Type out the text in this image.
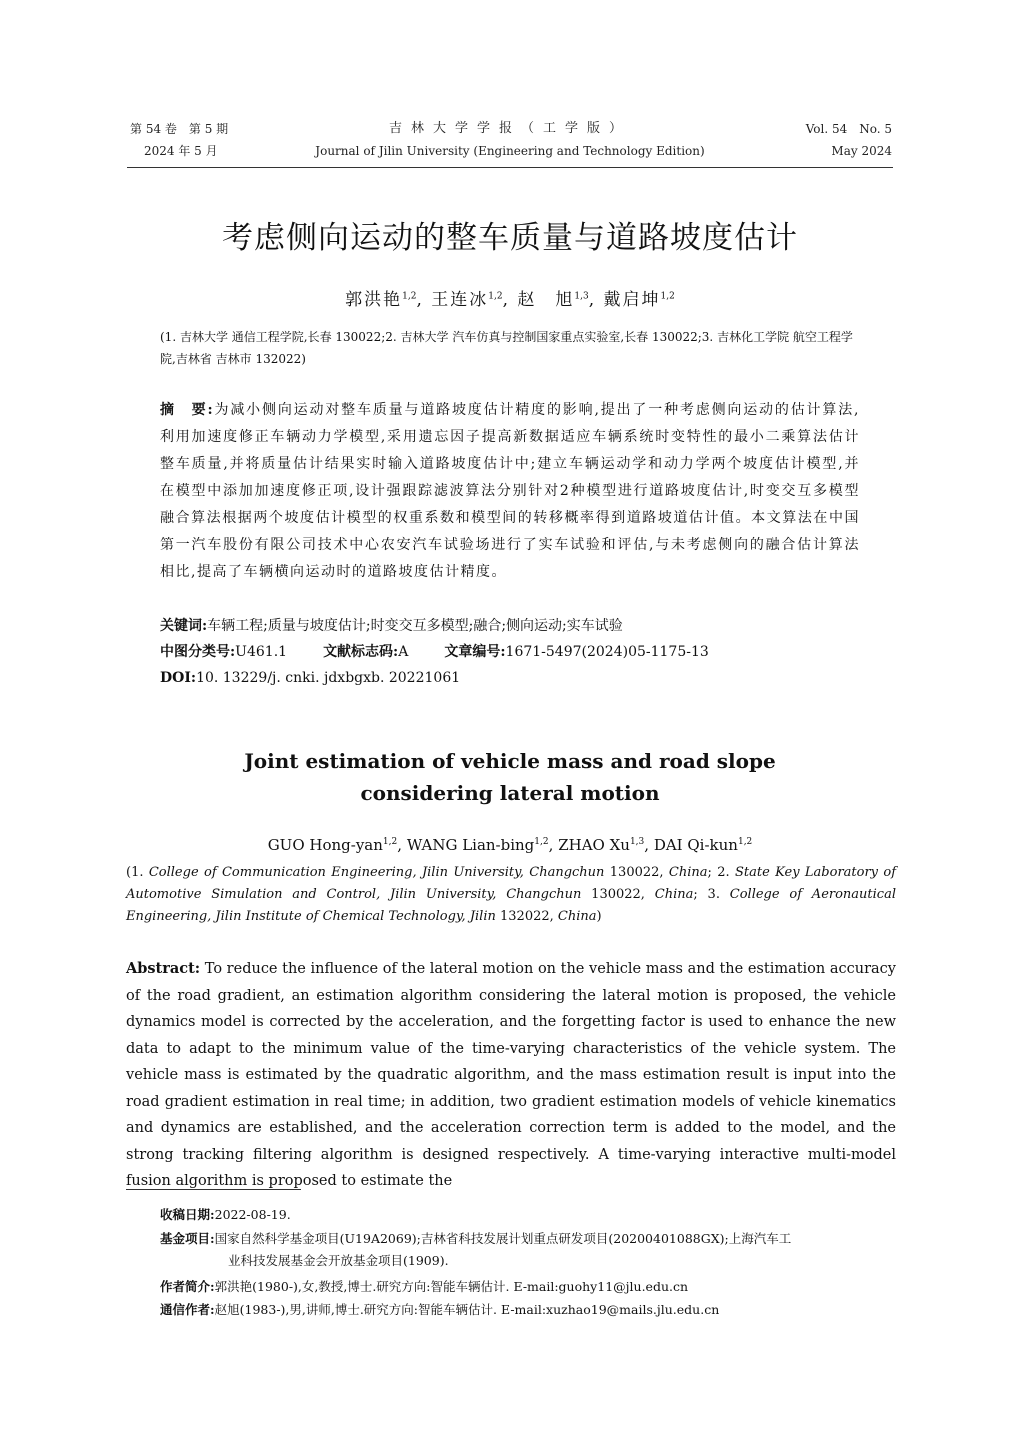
第 54 卷　第 5 期
2024 年 5 月
吉林大学学报（工学版）
Journal of Jilin University (Engineering and Technology Edition)
Vol. 54　No. 5
May 2024
考虑侧向运动的整车质量与道路坡度估计
郭洪艳$^{1,2}$, 王连冰$^{1,2}$, 赵　旭$^{1,3}$, 戴启坤$^{1,2}$
(1. 吉林大学 通信工程学院,长春 130022;2. 吉林大学 汽车仿真与控制国家重点实验室,长春 130022;3. 吉林化工学院 航空工程学院,吉林省 吉林市 132022)
摘　要:为减小侧向运动对整车质量与道路坡度估计精度的影响,提出了一种考虑侧向运动的估计算法,利用加速度修正车辆动力学模型,采用遗忘因子提高新数据适应车辆系统时变特性的最小二乘算法估计整车质量,并将质量估计结果实时输入道路坡度估计中;建立车辆运动学和动力学两个坡度估计模型,并在模型中添加加速度修正项,设计强跟踪滤波算法分别针对2种模型进行道路坡度估计,时变交互多模型融合算法根据两个坡度估计模型的权重系数和模型间的转移概率得到道路坡道估计值。本文算法在中国第一汽车股份有限公司技术中心农安汽车试验场进行了实车试验和评估,与未考虑侧向的融合估计算法相比,提高了车辆横向运动时的道路坡度估计精度。
关键词:车辆工程;质量与坡度估计;时变交互多模型;融合;侧向运动;实车试验
中图分类号:U461.1	文献标志码:A	文章编号:1671-5497(2024)05-1175-13
DOI:10. 13229/j. cnki. jdxbgxb. 20221061
Joint estimation of vehicle mass and road slope
considering lateral motion
GUO Hong-yan$^{1,2}$, WANG Lian-bing$^{1,2}$, ZHAO Xu$^{1,3}$, DAI Qi-kun$^{1,2}$
(1. College of Communication Engineering, Jilin University, Changchun 130022, China; 2. State Key Laboratory of Automotive Simulation and Control, Jilin University, Changchun 130022, China; 3. College of Aeronautical Engineering, Jilin Institute of Chemical Technology, Jilin 132022, China)
Abstract: To reduce the influence of the lateral motion on the vehicle mass and the estimation accuracy of the road gradient, an estimation algorithm considering the lateral motion is proposed, the vehicle dynamics model is corrected by the acceleration, and the forgetting factor is used to enhance the new data to adapt to the minimum value of the time-varying characteristics of the vehicle system. The vehicle mass is estimated by the quadratic algorithm, and the mass estimation result is input into the road gradient estimation in real time; in addition, two gradient estimation models of vehicle kinematics and dynamics are established, and the acceleration correction term is added to the model, and the strong tracking filtering algorithm is designed respectively. A time-varying interactive multi-model fusion algorithm is proposed to estimate the
收稿日期:2022-08-19.
基金项目:国家自然科学基金项目(U19A2069);吉林省科技发展计划重点研发项目(20200401088GX);上海汽车工
业科技发展基金会开放基金项目(1909).
作者简介:郭洪艳(1980-),女,教授,博士.研究方向:智能车辆估计. E-mail:guohy11@jlu.edu.cn
通信作者:赵旭(1983-),男,讲师,博士.研究方向:智能车辆估计. E-mail:xuzhao19@mails.jlu.edu.cn
